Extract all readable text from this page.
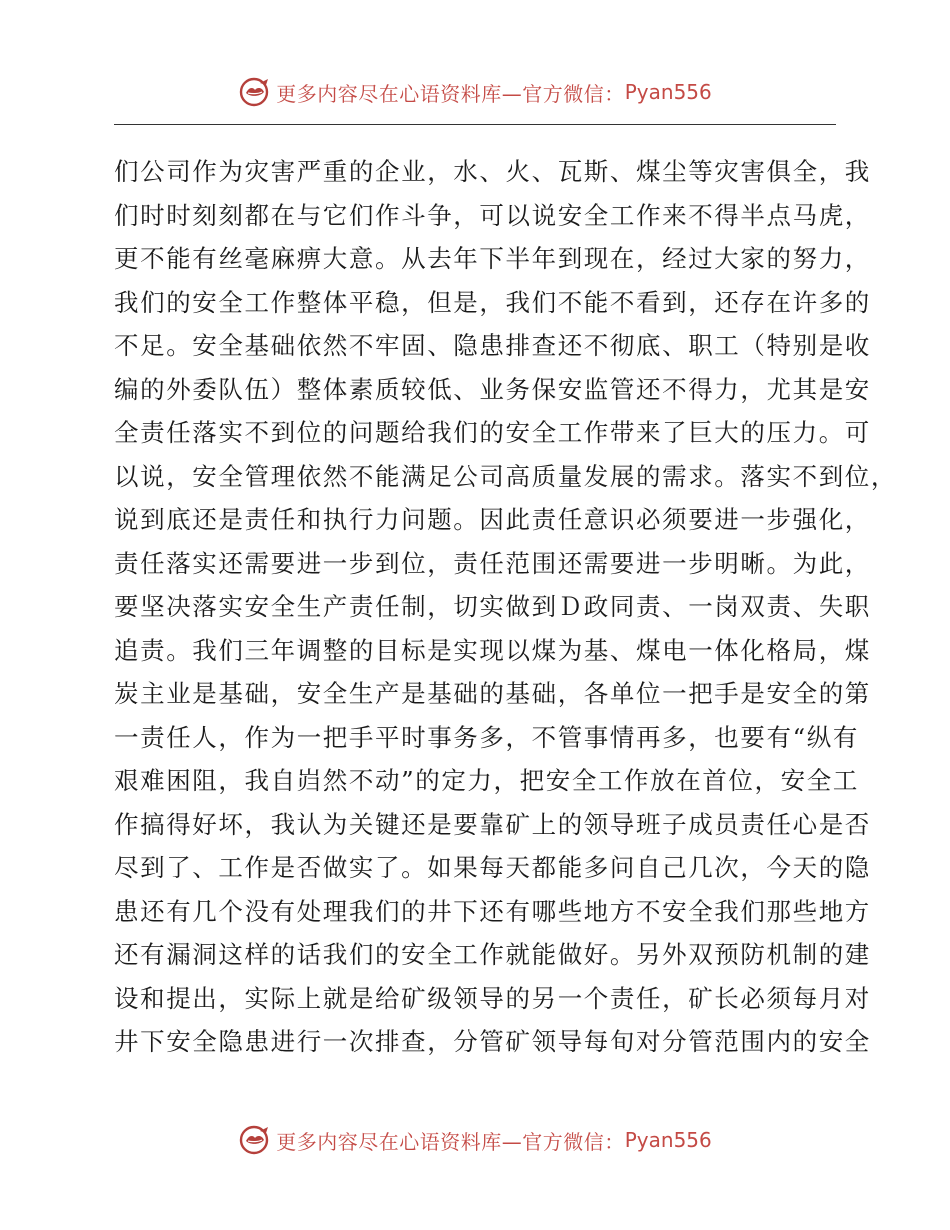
更多内容尽在心语资料库—官方微信： Pyan556
们公司作为灾害严重的企业，水、火、瓦斯、煤尘等灾害俱全，我
们时时刻刻都在与它们作斗争，可以说安全工作来不得半点马虎，
更不能有丝毫麻痹大意。从去年下半年到现在，经过大家的努力，
我们的安全工作整体平稳，但是，我们不能不看到，还存在许多的
不足。安全基础依然不牢固、隐患排查还不彻底、职工（特别是收
编的外委队伍）整体素质较低、业务保安监管还不得力，尤其是安
全责任落实不到位的问题给我们的安全工作带来了巨大的压力。可
以说，安全管理依然不能满足公司高质量发展的需求。落实不到位，
说到底还是责任和执行力问题。因此责任意识必须要进一步强化，
责任落实还需要进一步到位，责任范围还需要进一步明晰。为此，
要坚决落实安全生产责任制，切实做到Ｄ政同责、一岗双责、失职
追责。我们三年调整的目标是实现以煤为基、煤电一体化格局，煤
炭主业是基础，安全生产是基础的基础，各单位一把手是安全的第
一责任人，作为一把手平时事务多，不管事情再多，也要有“纵有
艰难困阻，我自岿然不动”的定力，把安全工作放在首位，安全工
作搞得好坏，我认为关键还是要靠矿上的领导班子成员责任心是否
尽到了、工作是否做实了。如果每天都能多问自己几次，今天的隐
患还有几个没有处理我们的井下还有哪些地方不安全我们那些地方
还有漏洞这样的话我们的安全工作就能做好。另外双预防机制的建
设和提出，实际上就是给矿级领导的另一个责任，矿长必须每月对
井下安全隐患进行一次排查，分管矿领导每旬对分管范围内的安全
更多内容尽在心语资料库—官方微信： Pyan556
